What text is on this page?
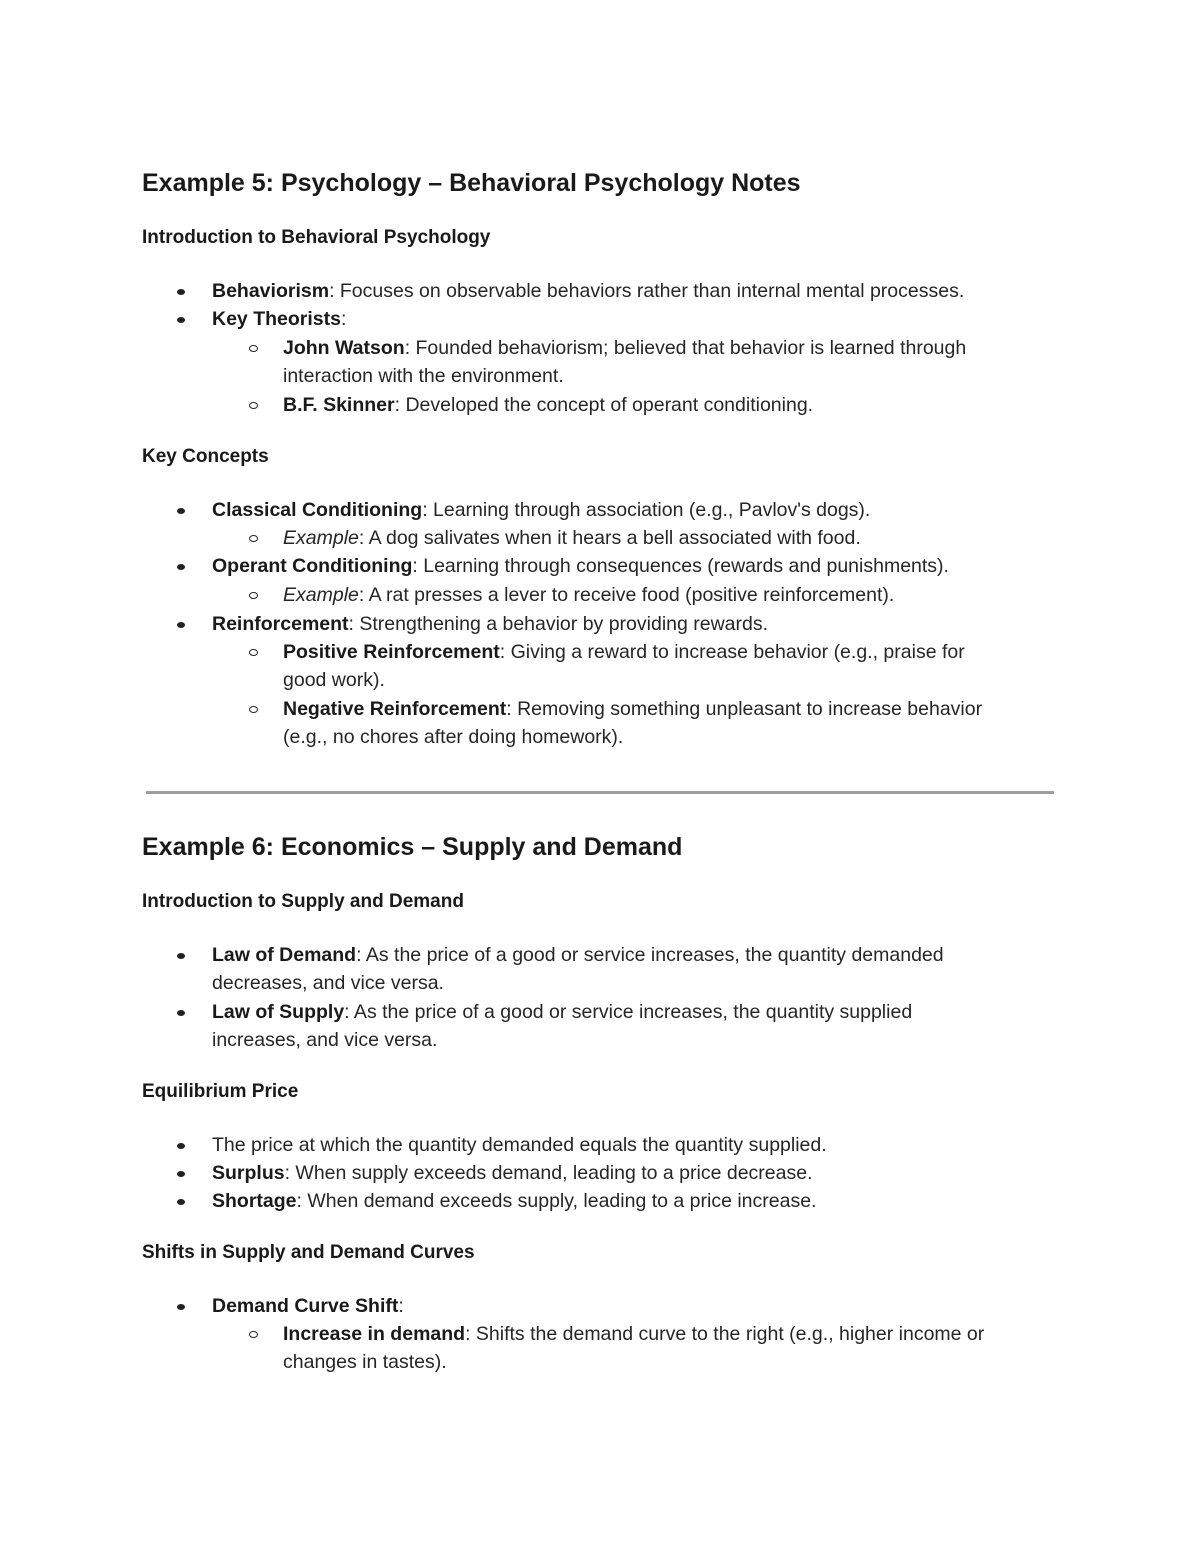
Example 5: Psychology – Behavioral Psychology Notes
Introduction to Behavioral Psychology
Behaviorism: Focuses on observable behaviors rather than internal mental processes.
Key Theorists:
John Watson: Founded behaviorism; believed that behavior is learned through
interaction with the environment.
B.F. Skinner: Developed the concept of operant conditioning.
Key Concepts
Classical Conditioning: Learning through association (e.g., Pavlov's dogs).
Example: A dog salivates when it hears a bell associated with food.
Operant Conditioning: Learning through consequences (rewards and punishments).
Example: A rat presses a lever to receive food (positive reinforcement).
Reinforcement: Strengthening a behavior by providing rewards.
Positive Reinforcement: Giving a reward to increase behavior (e.g., praise for
good work).
Negative Reinforcement: Removing something unpleasant to increase behavior
(e.g., no chores after doing homework).
Example 6: Economics – Supply and Demand
Introduction to Supply and Demand
Law of Demand: As the price of a good or service increases, the quantity demanded
decreases, and vice versa.
Law of Supply: As the price of a good or service increases, the quantity supplied
increases, and vice versa.
Equilibrium Price
The price at which the quantity demanded equals the quantity supplied.
Surplus: When supply exceeds demand, leading to a price decrease.
Shortage: When demand exceeds supply, leading to a price increase.
Shifts in Supply and Demand Curves
Demand Curve Shift:
Increase in demand: Shifts the demand curve to the right (e.g., higher income or
changes in tastes).
